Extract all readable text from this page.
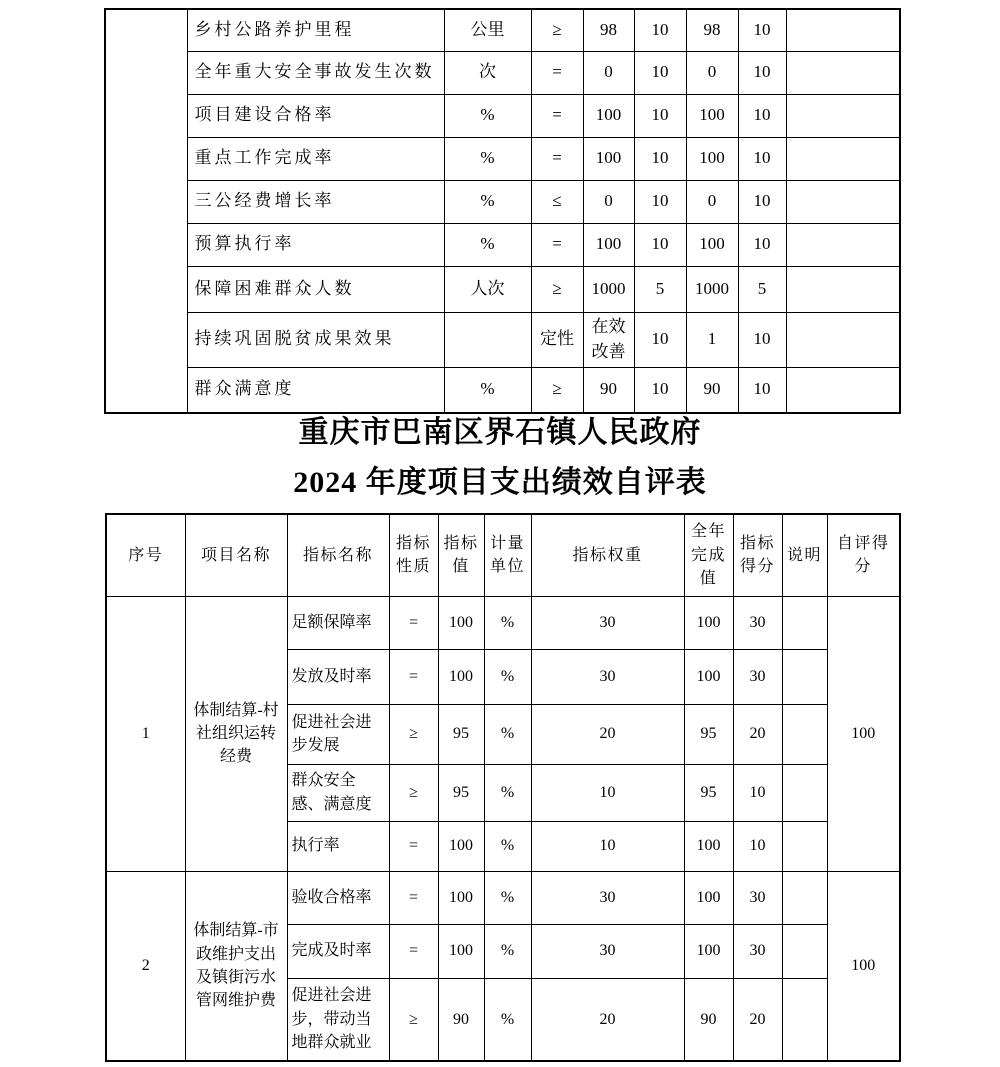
	乡村公路养护里程	公里	≥	98	10	98	10	
	全年重大安全事故发生次数	次	=	0	10	0	10	
	项目建设合格率	%	=	100	10	100	10	
	重点工作完成率	%	=	100	10	100	10	
	三公经费增长率	%	≤	0	10	0	10	
	预算执行率	%	=	100	10	100	10	
	保障困难群众人数	人次	≥	1000	5	1000	5	
	持续巩固脱贫成果效果		定性	在效改善	10	1	10	
	群众满意度	%	≥	90	10	90	10	
重庆市巴南区界石镇人民政府
2024 年度项目支出绩效自评表
序号	项目名称	指标名称	指标性质	指标值	计量单位	指标权重	全年完成值	指标得分	说明	自评得分
1	体制结算-村社组织运转经费	足额保障率	=	100	%	30	100	30		100
		发放及时率	=	100	%	30	100	30		
		促进社会进步发展	≥	95	%	20	95	20		
		群众安全感、满意度	≥	95	%	10	95	10		
		执行率	=	100	%	10	100	10		
2	体制结算-市政维护支出及镇街污水管网维护费	验收合格率	=	100	%	30	100	30		100
		完成及时率	=	100	%	30	100	30		
		促进社会进步，带动当地群众就业	≥	90	%	20	90	20		
